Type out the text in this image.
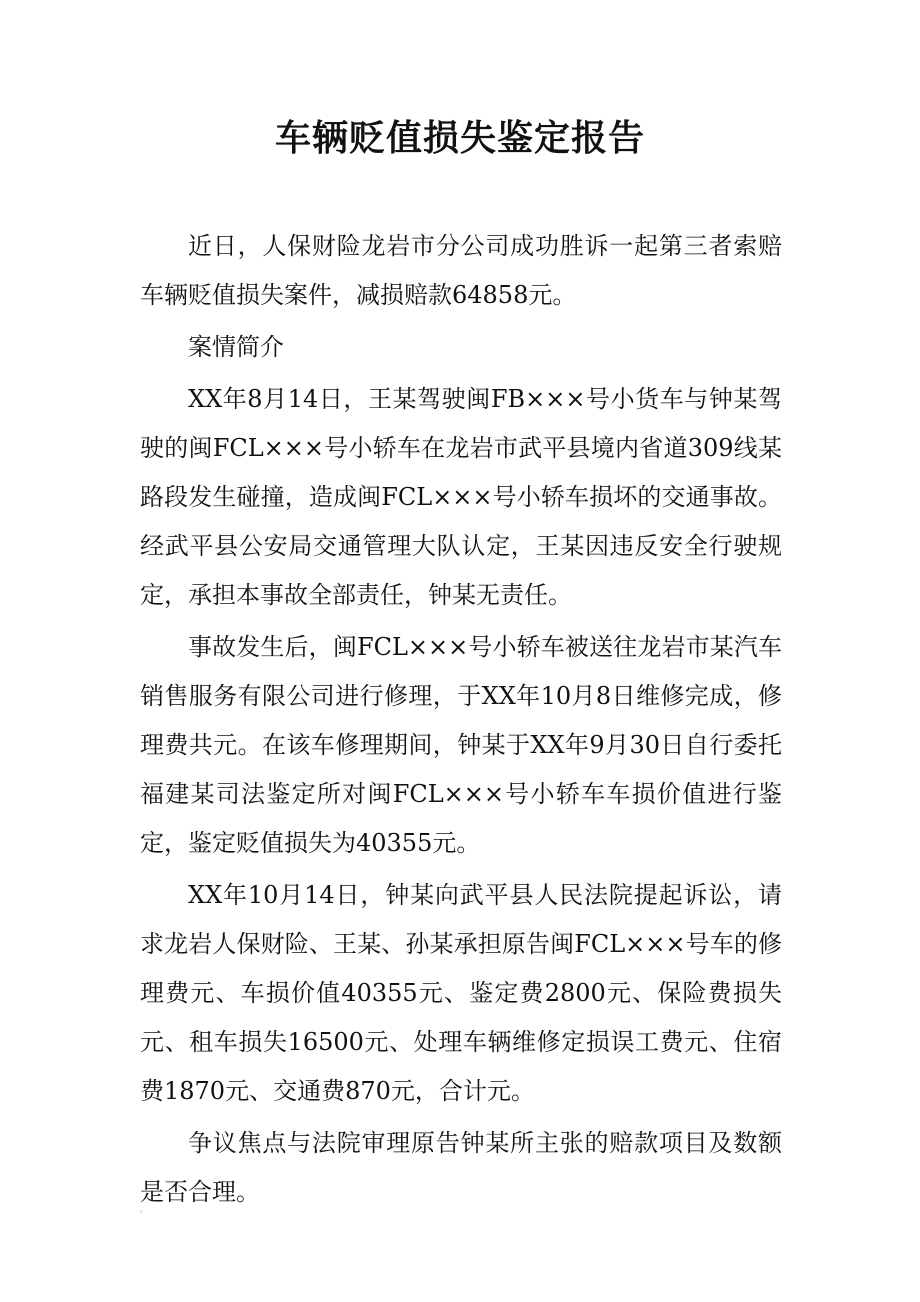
车辆贬值损失鉴定报告

近日，人保财险龙岩市分公司成功胜诉一起第三者索赔车辆贬值损失案件，减损赔款64858元。

案情简介

XX年8月14日，王某驾驶闽FB×××号小货车与钟某驾驶的闽FCL×××号小轿车在龙岩市武平县境内省道309线某路段发生碰撞，造成闽FCL×××号小轿车损坏的交通事故。经武平县公安局交通管理大队认定，王某因违反安全行驶规定，承担本事故全部责任，钟某无责任。

事故发生后，闽FCL×××号小轿车被送往龙岩市某汽车销售服务有限公司进行修理，于XX年10月8日维修完成，修理费共元。在该车修理期间，钟某于XX年9月30日自行委托福建某司法鉴定所对闽FCL×××号小轿车车损价值进行鉴定，鉴定贬值损失为40355元。

XX年10月14日，钟某向武平县人民法院提起诉讼，请求龙岩人保财险、王某、孙某承担原告闽FCL×××号车的修理费元、车损价值40355元、鉴定费2800元、保险费损失元、租车损失16500元、处理车辆维修定损误工费元、住宿费1870元、交通费870元，合计元。

争议焦点与法院审理原告钟某所主张的赔款项目及数额是否合理。
